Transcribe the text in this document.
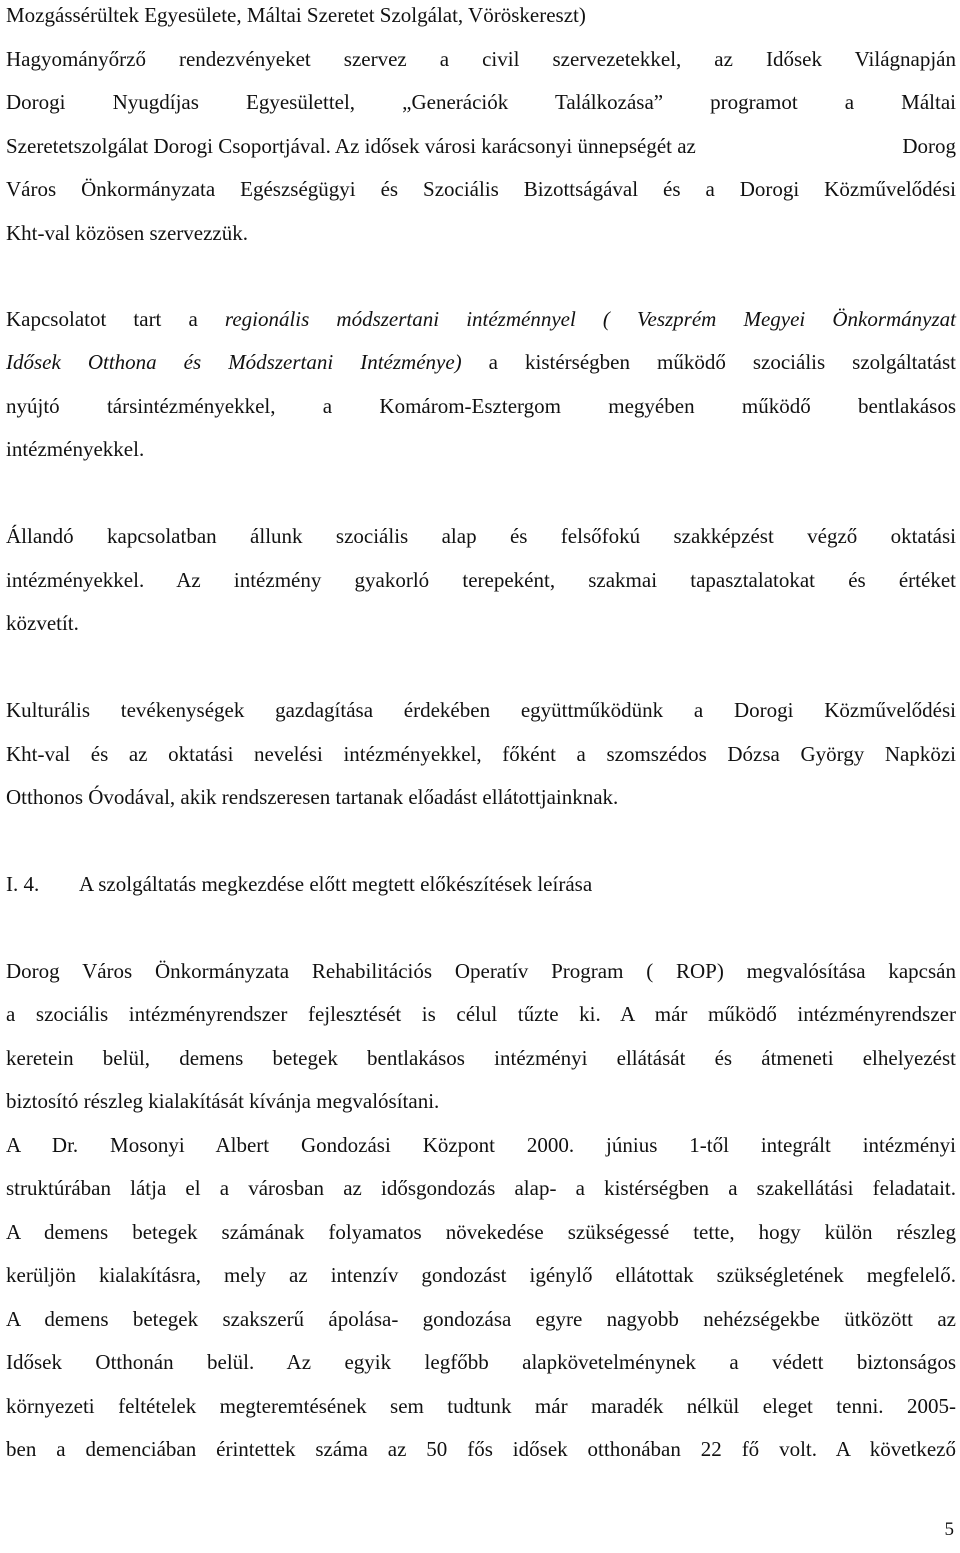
Mozgássérültek Egyesülete, Máltai Szeretet Szolgálat, Vöröskereszt)
Hagyományőrző rendezvényeket szervez a civil szervezetekkel, az Idősek Világnapján
Dorogi Nyugdíjas Egyesülettel, „Generációk Találkozása” programot a Máltai
Szeretetszolgálat Dorogi Csoportjával. Az idősek városi karácsonyi ünnepségét az	Dorog
Város Önkormányzata Egészségügyi és Szociális Bizottságával és a Dorogi Közművelődési
Kht-val közösen szervezzük.
Kapcsolatot tart a regionális módszertani intézménnyel ( Veszprém Megyei Önkormányzat
Idősek Otthona és Módszertani Intézménye) a kistérségben működő szociális szolgáltatást
nyújtó társintézményekkel, a Komárom-Esztergom megyében működő bentlakásos
intézményekkel.
Állandó kapcsolatban állunk szociális alap és felsőfokú szakképzést végző oktatási
intézményekkel. Az intézmény gyakorló terepeként, szakmai tapasztalatokat és értéket
közvetít.
Kulturális tevékenységek gazdagítása érdekében együttműködünk a Dorogi Közművelődési
Kht-val és az oktatási nevelési intézményekkel, főként a szomszédos Dózsa György Napközi
Otthonos Óvodával, akik rendszeresen tartanak előadást ellátottjainknak.
I. 4. A szolgáltatás megkezdése előtt megtett előkészítések leírása
Dorog Város Önkormányzata Rehabilitációs Operatív Program ( ROP) megvalósítása kapcsán
a szociális intézményrendszer fejlesztését is célul tűzte ki. A már működő intézményrendszer
keretein belül, demens betegek bentlakásos intézményi ellátását és átmeneti elhelyezést
biztosító részleg kialakítását kívánja megvalósítani.
A Dr. Mosonyi Albert Gondozási Központ 2000. június 1-től integrált intézményi
struktúrában látja el a városban az idősgondozás alap- a kistérségben a szakellátási feladatait.
A demens betegek számának folyamatos növekedése szükségessé tette, hogy külön részleg
kerüljön kialakításra, mely az intenzív gondozást igénylő ellátottak szükségletének megfelelő.
A demens betegek szakszerű ápolása- gondozása egyre nagyobb nehézségekbe ütközött az
Idősek Otthonán belül. Az egyik legfőbb alapkövetelménynek a védett biztonságos
környezeti feltételek megteremtésének sem tudtunk már maradék nélkül eleget tenni. 2005-
ben a demenciában érintettek száma az 50 fős idősek otthonában 22 fő volt. A következő
5
